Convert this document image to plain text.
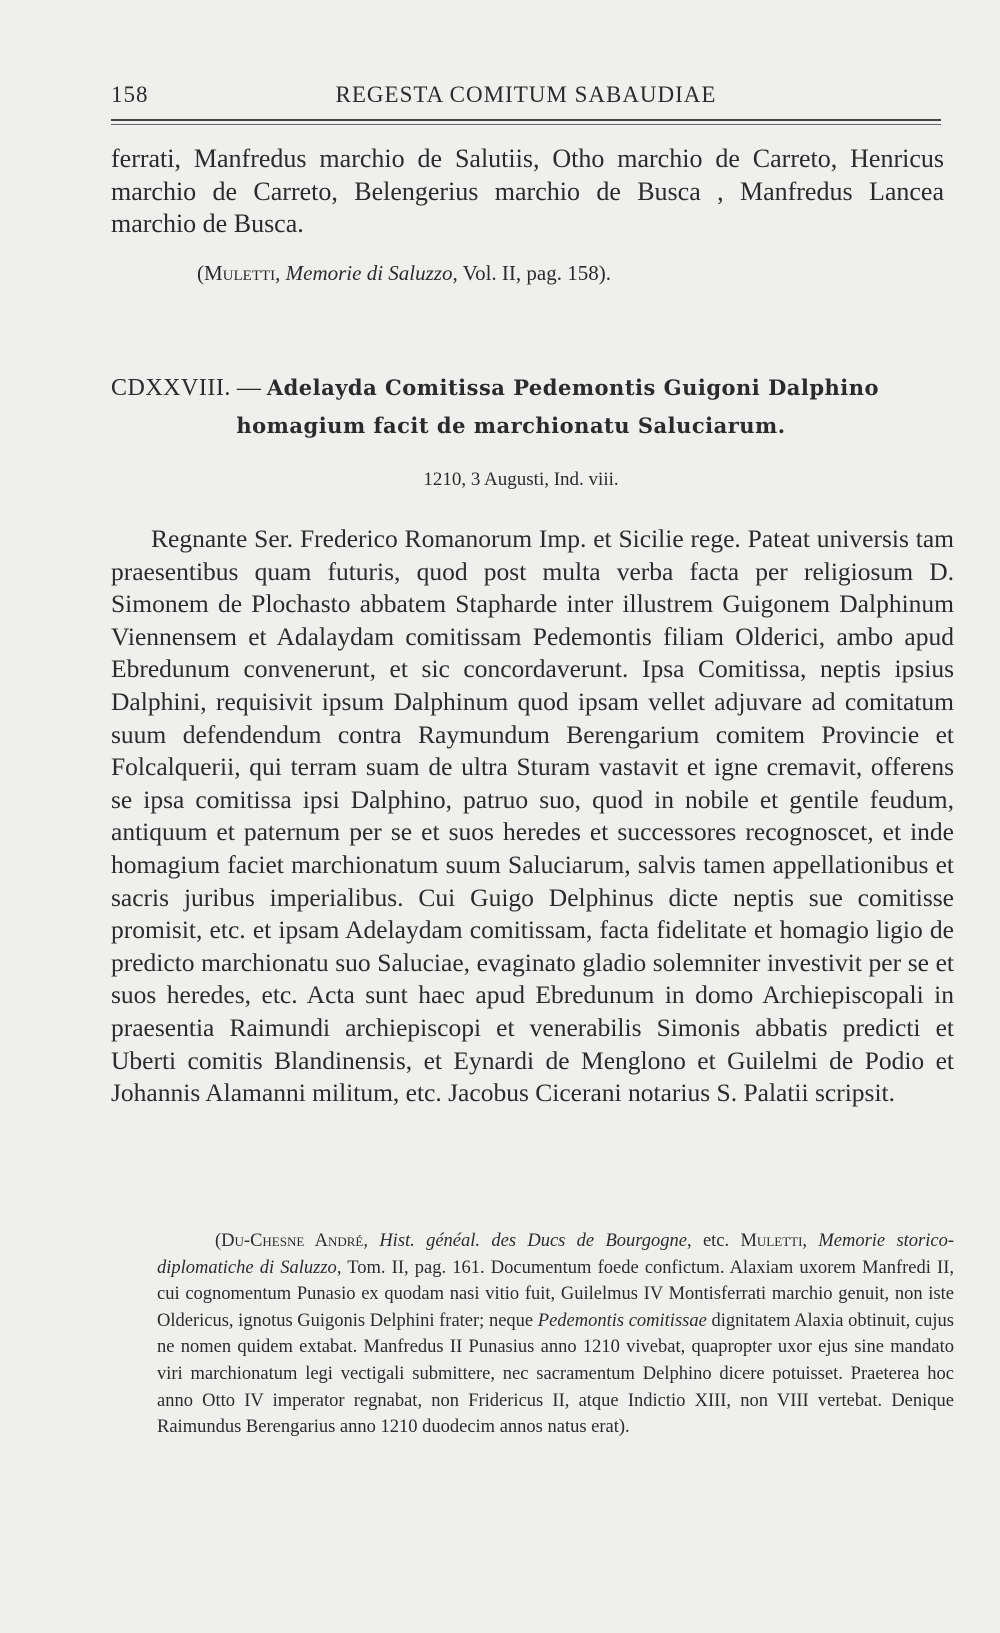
158	REGESTA COMITUM SABAUDIAE

ferrati, Manfredus marchio de Salutiis, Otho marchio de Carreto, Henricus marchio de Carreto, Belengerius marchio de Busca , Manfredus Lancea marchio de Busca.

(Muletti, Memorie di Saluzzo, Vol. II, pag. 158).
CDXXVIII. — Adelayda Comitissa Pedemontis Guigoni Dalphino
homagium facit de marchionatu Saluciarum.
1210, 3 Augusti, Ind. viii.

Regnante Ser. Frederico Romanorum Imp. et Sicilie rege. Pateat universis tam praesentibus quam futuris, quod post multa verba facta per religiosum D. Simonem de Plochasto abbatem Stapharde inter illustrem Guigonem Dalphinum Viennensem et Adalaydam comitissam Pedemontis filiam Olderici, ambo apud Ebredunum convenerunt, et sic concordaverunt. Ipsa Comitissa, neptis ipsius Dalphini, requisivit ipsum Dalphinum quod ipsam vellet adjuvare ad comitatum suum defendendum contra Raymundum Berengarium comitem Provincie et Folcalquerii, qui terram suam de ultra Sturam vastavit et igne cremavit, offerens se ipsa comitissa ipsi Dalphino, patruo suo, quod in nobile et gentile feudum, antiquum et paternum per se et suos heredes et successores recognoscet, et inde homagium faciet marchionatum suum Saluciarum, salvis tamen appellationibus et sacris juribus imperialibus. Cui Guigo Delphinus dicte neptis sue comitisse promisit, etc. et ipsam Adelaydam comitissam, facta fidelitate et homagio ligio de predicto marchionatu suo Saluciae, evaginato gladio solemniter investivit per se et suos heredes, etc. Acta sunt haec apud Ebredunum in domo Archiepiscopali in praesentia Raimundi archiepiscopi et venerabilis Simonis abbatis predicti et Uberti comitis Blandinensis, et Eynardi de Menglono et Guilelmi de Podio et Johannis Alamanni militum, etc. Jacobus Cicerani notarius S. Palatii scripsit.

(Du-Chesne André, Hist. généal. des Ducs de Bourgogne, etc. Muletti, Memorie storico-diplomatiche di Saluzzo, Tom. II, pag. 161. Documentum foede confictum. Alaxiam uxorem Manfredi II, cui cognomentum Punasio ex quodam nasi vitio fuit, Guilelmus IV Montisferrati marchio genuit, non iste Oldericus, ignotus Guigonis Delphini frater; neque Pedemontis comitissae dignitatem Alaxia obtinuit, cujus ne nomen quidem extabat. Manfredus II Punasius anno 1210 vivebat, quapropter uxor ejus sine mandato viri marchionatum legi vectigali submittere, nec sacramentum Delphino dicere potuisset. Praeterea hoc anno Otto IV imperator regnabat, non Fridericus II, atque Indictio XIII, non VIII vertebat. Denique Raimundus Berengarius anno 1210 duodecim annos natus erat).
